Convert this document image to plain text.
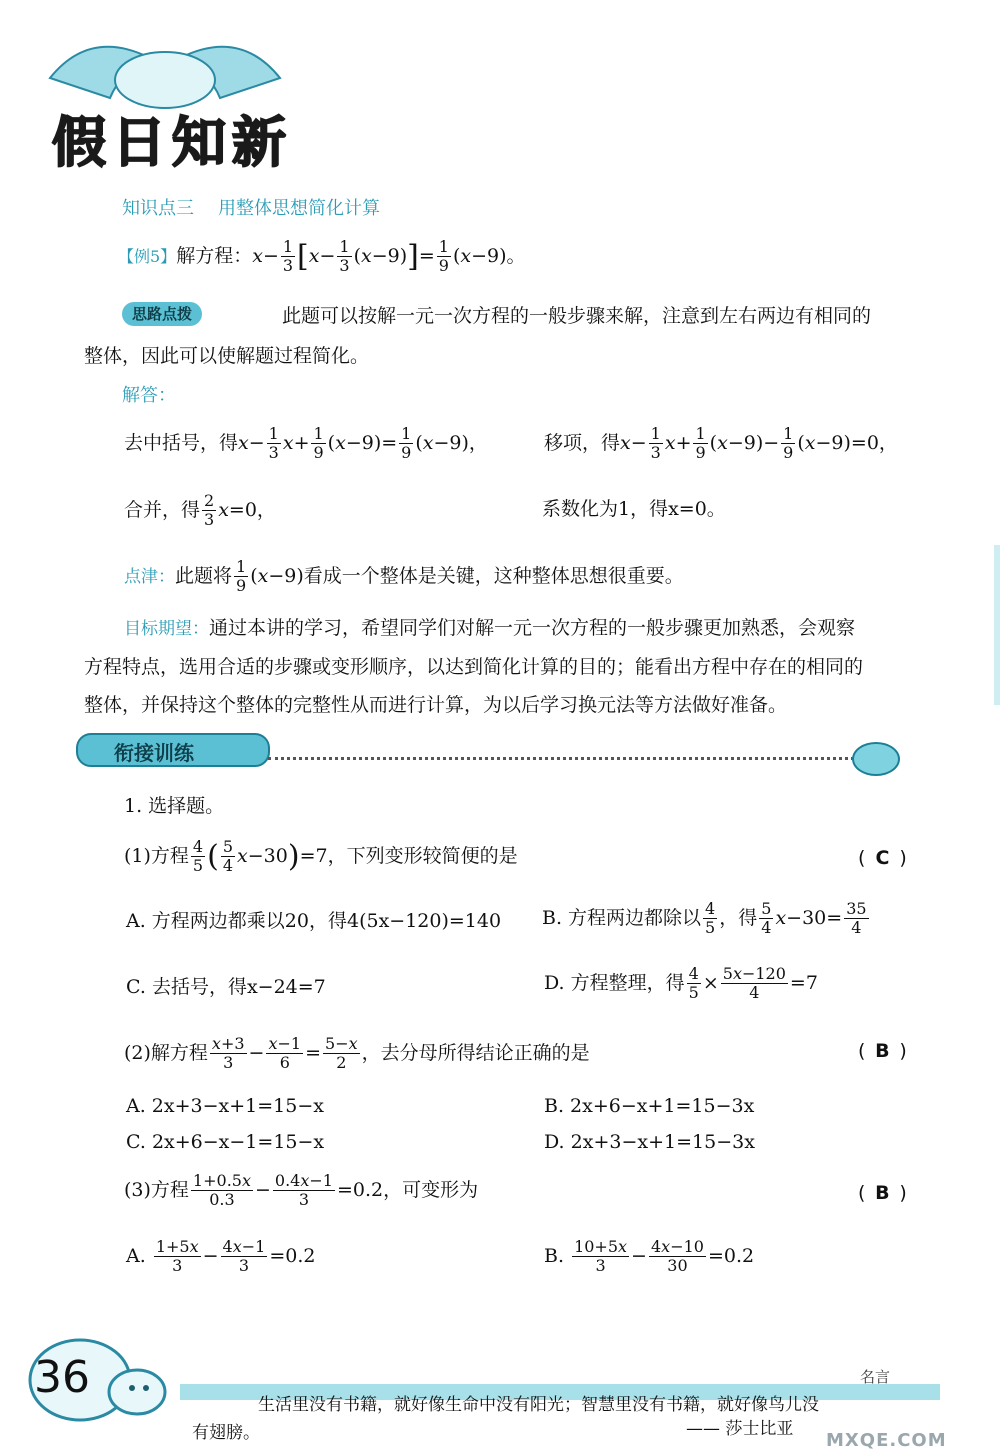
假日知新
知识点三 用整体思想简化计算
【例5】解方程：$x- \frac{1}{3} [x- \frac{1}{3} (x-9)]= \frac{1}{9} (x-9)$。
思路点拨	此题可以按解一元一次方程的一般步骤来解，注意到左右两边有相同的
整体，因此可以使解题过程简化。
解答：
去中括号，得$x- \frac{1}{3} x+ \frac{1}{9} (x-9)= \frac{1}{9} (x-9)$，	移项，得$x- \frac{1}{3} x+ \frac{1}{9} (x-9)- \frac{1}{9} (x-9)=0$，
合并，得 $\frac{2}{3} x=0$，	系数化为1，得x=0。
点津：此题将 $\frac{1}{9} (x-9)$看成一个整体是关键，这种整体思想很重要。
目标期望：通过本讲的学习，希望同学们对解一元一次方程的一般步骤更加熟悉，会观察
方程特点，选用合适的步骤或变形顺序，以达到简化计算的目的；能看出方程中存在的相同的
整体，并保持这个整体的完整性从而进行计算，为以后学习换元法等方法做好准备。
衔接训练
1. 选择题。
(1)方程 $\frac{4}{5}$ ( $\frac{5}{4} x-30)=7$，下列变形较简便的是	( C )
A. 方程两边都乘以20，得4(5x−120)=140 B. 方程两边都除以 $\frac{4}{5}$ ，得 $\frac{5}{4} x-30= \frac{35}{4}$
C. 去括号，得x−24=7	D. 方程整理，得 $\frac{4}{5} \times \frac{5x-120}{4} =7$
(2)解方程 $\frac{x+3}{3} - \frac{x-1}{6} = \frac{5-x}{2}$ ，去分母所得结论正确的是	( B )
A. 2x+3−x+1=15−x	B. 2x+6−x+1=15−3x
C. 2x+6−x−1=15−x	D. 2x+3−x+1=15−3x
(3)方程 $\frac{1+0.5x}{0.3} - \frac{0.4x-1}{3} =0.2$，可变形为	( B )
A. $\frac{1+5x}{3} - \frac{4x-1}{3} =0.2$	B. $\frac{10+5x}{3} - \frac{4x-10}{30} =0.2$
36
生活里没有书籍，就好像生命中没有阳光；智慧里没有书籍，就好像鸟儿没
有翅膀。	—— 莎士比亚
名言
MXQE.COM
